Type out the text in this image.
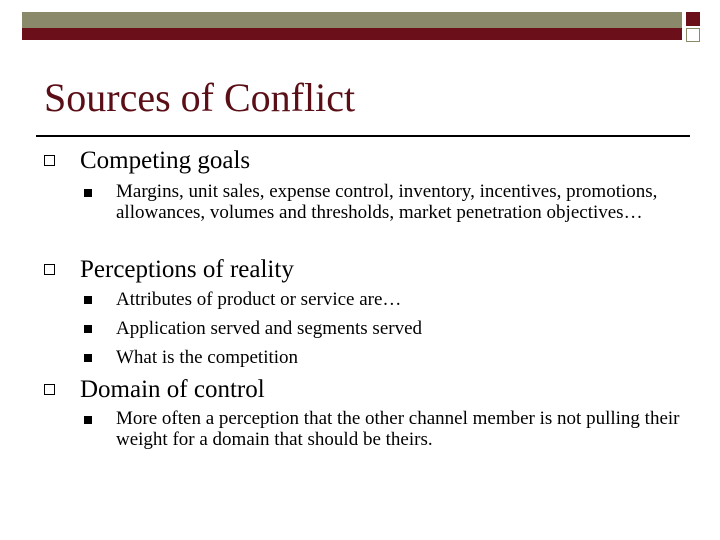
Sources of Conflict
Competing goals
Margins, unit sales, expense control, inventory, incentives, promotions, allowances, volumes and thresholds, market penetration objectives…
Perceptions of reality
Attributes of product or service are…
Application served and segments served
What is the competition
Domain of control
More often a perception that the other channel member is not pulling their weight for a domain that should be theirs.
